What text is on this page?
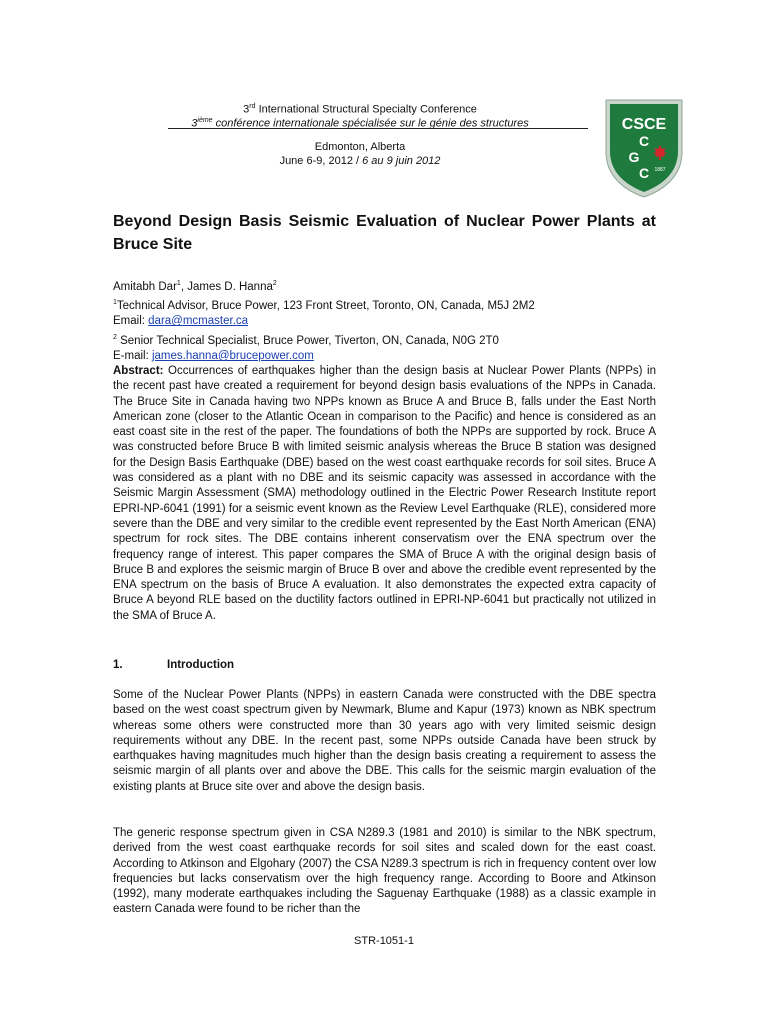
3rd International Structural Specialty Conference
3ième conférence internationale spécialisée sur le génie des structures
Edmonton, Alberta
June 6-9, 2012 / 6 au 9 juin 2012
CSCE
C
G
C 1887
Beyond Design Basis Seismic Evaluation of Nuclear Power Plants at Bruce Site
Amitabh Dar$^1$, James D. Hanna$^2$
$^1$Technical Advisor, Bruce Power, 123 Front Street, Toronto, ON, Canada, M5J 2M2
Email: dara@mcmaster.ca
$^2$ Senior Technical Specialist, Bruce Power, Tiverton, ON, Canada, N0G 2T0
E-mail: james.hanna@brucepower.com

Abstract: Occurrences of earthquakes higher than the design basis at Nuclear Power Plants (NPPs) in the recent past have created a requirement for beyond design basis evaluations of the NPPs in Canada. The Bruce Site in Canada having two NPPs known as Bruce A and Bruce B, falls under the East North American zone (closer to the Atlantic Ocean in comparison to the Pacific) and hence is considered as an east coast site in the rest of the paper. The foundations of both the NPPs are supported by rock. Bruce A was constructed before Bruce B with limited seismic analysis whereas the Bruce B station was designed for the Design Basis Earthquake (DBE) based on the west coast earthquake records for soil sites. Bruce A was considered as a plant with no DBE and its seismic capacity was assessed in accordance with the Seismic Margin Assessment (SMA) methodology outlined in the Electric Power Research Institute report EPRI-NP-6041 (1991) for a seismic event known as the Review Level Earthquake (RLE), considered more severe than the DBE and very similar to the credible event represented by the East North American (ENA) spectrum for rock sites. The DBE contains inherent conservatism over the ENA spectrum over the frequency range of interest. This paper compares the SMA of Bruce A with the original design basis of Bruce B and explores the seismic margin of Bruce B over and above the credible event represented by the ENA spectrum on the basis of Bruce A evaluation. It also demonstrates the expected extra capacity of Bruce A beyond RLE based on the ductility factors outlined in EPRI-NP-6041 but practically not utilized in the SMA of Bruce A.

1.	Introduction

Some of the Nuclear Power Plants (NPPs) in eastern Canada were constructed with the DBE spectra based on the west coast spectrum given by Newmark, Blume and Kapur (1973) known as NBK spectrum whereas some others were constructed more than 30 years ago with very limited seismic design requirements without any DBE. In the recent past, some NPPs outside Canada have been struck by earthquakes having magnitudes much higher than the design basis creating a requirement to assess the seismic margin of all plants over and above the DBE. This calls for the seismic margin evaluation of the existing plants at Bruce site over and above the design basis.

The generic response spectrum given in CSA N289.3 (1981 and 2010) is similar to the NBK spectrum, derived from the west coast earthquake records for soil sites and scaled down for the east coast. According to Atkinson and Elgohary (2007) the CSA N289.3 spectrum is rich in frequency content over low frequencies but lacks conservatism over the high frequency range. According to Boore and Atkinson (1992), many moderate earthquakes including the Saguenay Earthquake (1988) as a classic example in eastern Canada were found to be richer than the

STR-1051-1
